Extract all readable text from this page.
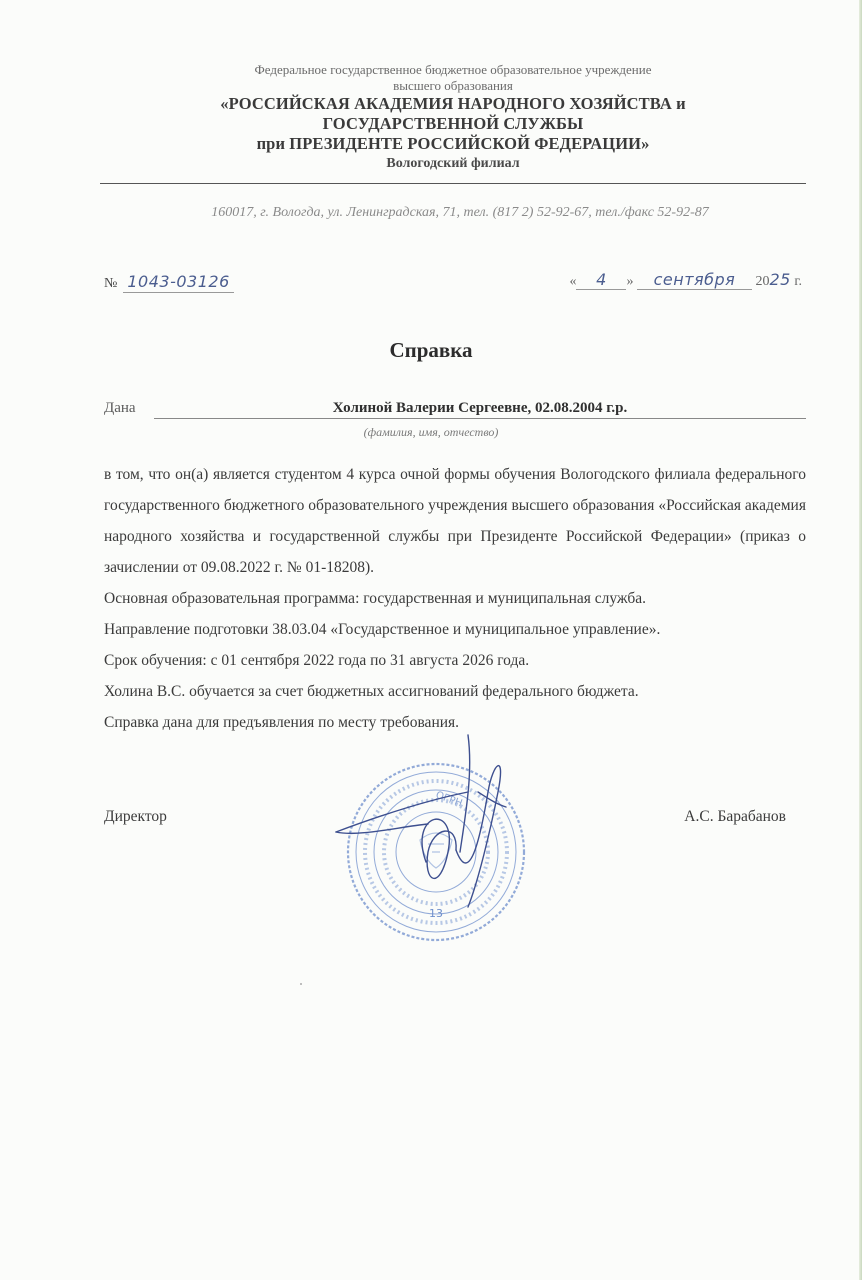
Федеральное государственное бюджетное образовательное учреждение
высшего образования
«РОССИЙСКАЯ АКАДЕМИЯ НАРОДНОГО ХОЗЯЙСТВА и
ГОСУДАРСТВЕННОЙ СЛУЖБЫ
при ПРЕЗИДЕНТЕ РОССИЙСКОЙ ФЕДЕРАЦИИ»
Вологодский филиал
160017, г. Вологда, ул. Ленинградская, 71, тел. (817 2) 52-92-67, тел./факс 52-92-87
№ 1043-03126	« 4 » сентября 2025 г.
Справка
Дана	Холиной Валерии Сергеевне, 02.08.2004 г.р.
(фамилия, имя, отчество)

в том, что он(а) является студентом 4 курса очной формы обучения Вологодского филиала федерального государственного бюджетного образовательного учреждения высшего образования «Российская академия народного хозяйства и государственной службы при Президенте Российской Федерации» (приказ о зачислении от 09.08.2022 г. № 01-18208).

Основная образовательная программа: государственная и муниципальная служба.

Направление подготовки 38.03.04 «Государственное и муниципальное управление».

Срок обучения: с 01 сентября 2022 года по 31 августа 2026 года.

Холина В.С. обучается за счет бюджетных ассигнований федерального бюджета.

Справка дана для предъявления по месту требования.

13
ОГРН
Директор	А.С. Барабанов
